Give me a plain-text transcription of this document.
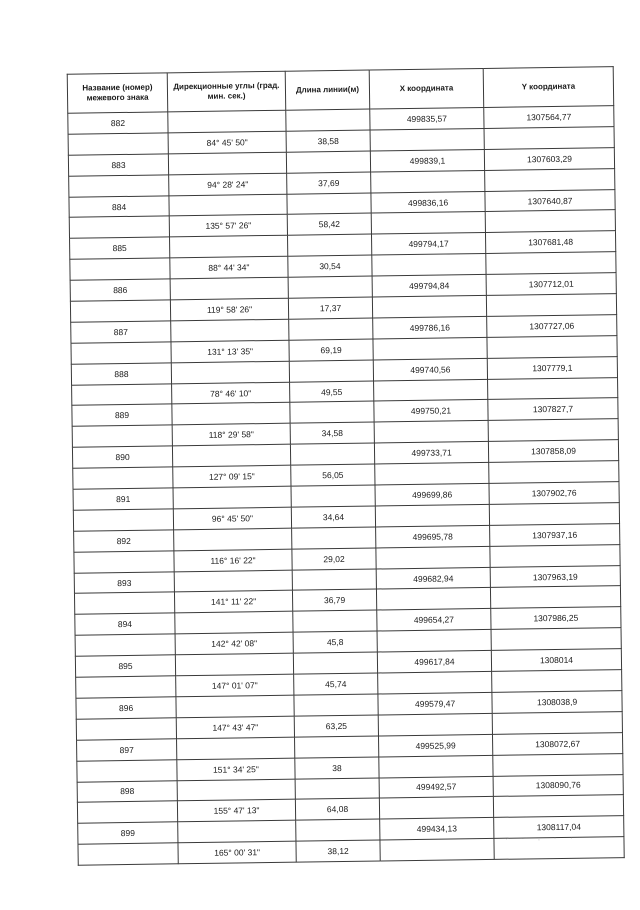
Название (номер) межевого знака	Дирекционные углы (град. мин. сек.)	Длина линии(м)	X координата	Y координата
882			499835,57	1307564,77
	84° 45' 50"	38,58		
883			499839,1	1307603,29
	94° 28' 24"	37,69		
884			499836,16	1307640,87
	135° 57' 26"	58,42		
885			499794,17	1307681,48
	88° 44' 34"	30,54		
886			499794,84	1307712,01
	119° 58' 26"	17,37		
887			499786,16	1307727,06
	131° 13' 35"	69,19		
888			499740,56	1307779,1
	78° 46' 10"	49,55		
889			499750,21	1307827,7
	118° 29' 58"	34,58		
890			499733,71	1307858,09
	127° 09' 15"	56,05		
891			499699,86	1307902,76
	96° 45' 50"	34,64		
892			499695,78	1307937,16
	116° 16' 22"	29,02		
893			499682,94	1307963,19
	141° 11' 22"	36,79		
894			499654,27	1307986,25
	142° 42' 08"	45,8		
895			499617,84	1308014
	147° 01' 07"	45,74		
896			499579,47	1308038,9
	147° 43' 47"	63,25		
897			499525,99	1308072,67
	151° 34' 25"	38		
898			499492,57	1308090,76
	155° 47' 13"	64,08		
899			499434,13	1308117,04
	165° 00' 31"	38,12		
· · . · ·
